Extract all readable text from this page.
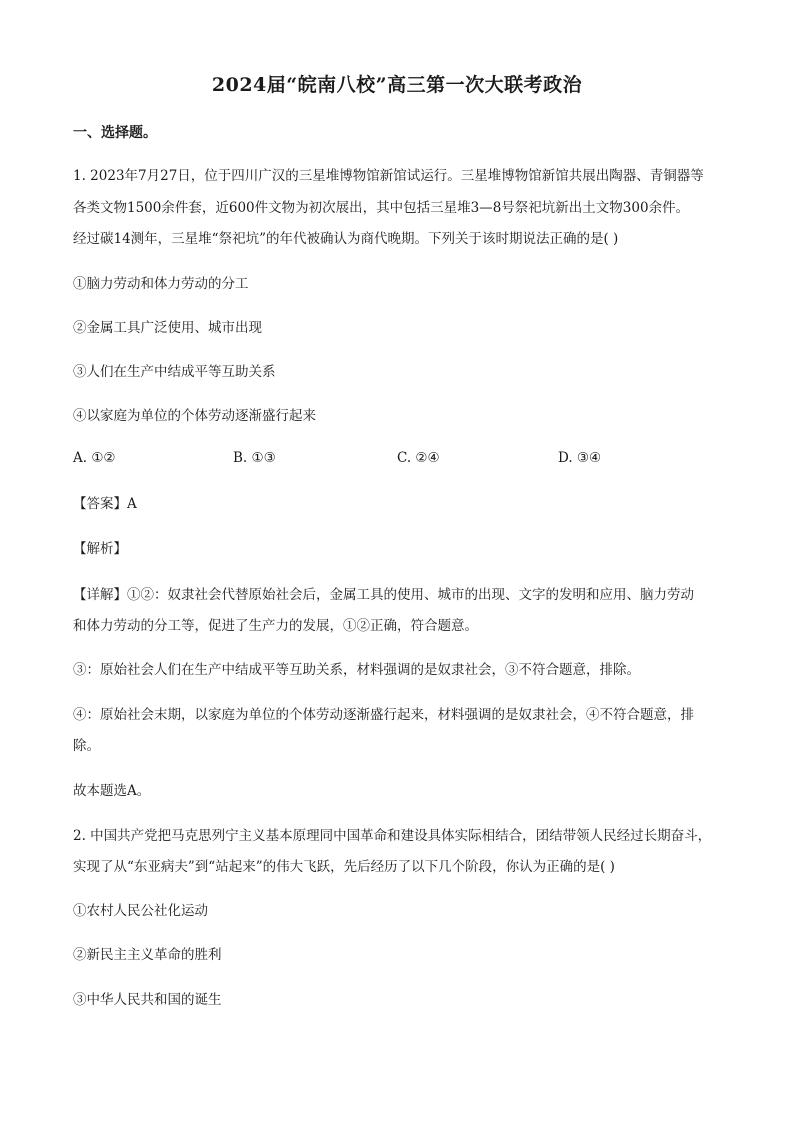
2024届“皖南八校”高三第一次大联考政治
一、选择题。
1. 2023年7月27日，位于四川广汉的三星堆博物馆新馆试运行。三星堆博物馆新馆共展出陶器、青铜器等
各类文物1500余件套，近600件文物为初次展出，其中包括三星堆3—8号祭祀坑新出土文物300余件。
经过碳14测年，三星堆“祭祀坑”的年代被确认为商代晚期。下列关于该时期说法正确的是( )
①脑力劳动和体力劳动的分工
②金属工具广泛使用、城市出现
③人们在生产中结成平等互助关系
④以家庭为单位的个体劳动逐渐盛行起来
A. ①②	B. ①③	C. ②④	D. ③④
【答案】A
【解析】
【详解】①②：奴隶社会代替原始社会后，金属工具的使用、城市的出现、文字的发明和应用、脑力劳动
和体力劳动的分工等，促进了生产力的发展，①②正确，符合题意。
③：原始社会人们在生产中结成平等互助关系，材料强调的是奴隶社会，③不符合题意，排除。
④：原始社会末期，以家庭为单位的个体劳动逐渐盛行起来，材料强调的是奴隶社会，④不符合题意，排
除。
故本题选A。
2. 中国共产党把马克思列宁主义基本原理同中国革命和建设具体实际相结合，团结带领人民经过长期奋斗，
实现了从“东亚病夫”到“站起来”的伟大飞跃，先后经历了以下几个阶段，你认为正确的是( )
①农村人民公社化运动
②新民主主义革命的胜利
③中华人民共和国的诞生
